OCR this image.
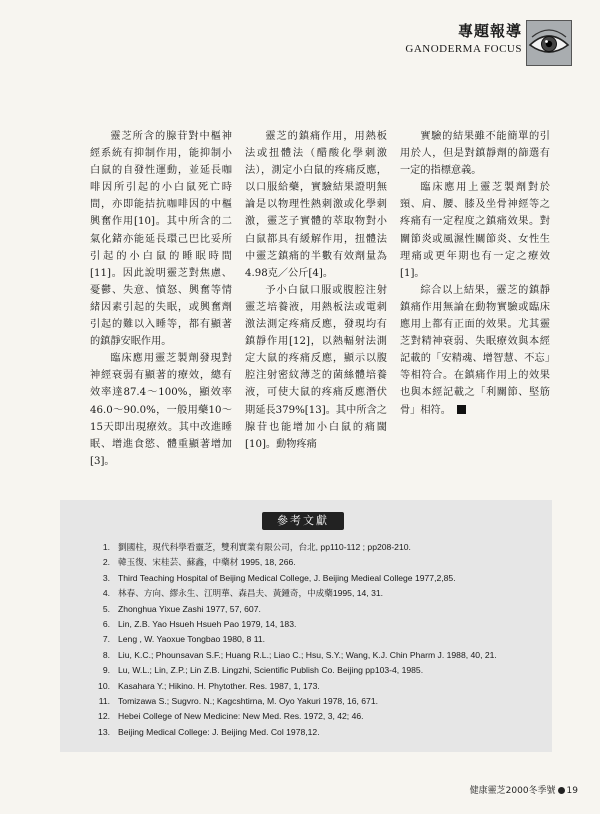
專題報導
GANODERMA FOCUS

靈芝所含的腺苷對中樞神經系統有抑制作用，能抑制小白鼠的自發性運動，並延長咖啡因所引起的小白鼠死亡時間，亦即能拮抗咖啡因的中樞興奮作用[10]。其中所含的二氣化鍺亦能延長環己巴比妥所引起的小白鼠的睡眠時間[11]。因此說明靈芝對焦慮、憂鬱、失意、憤怒、興奮等情緒因素引起的失眠，或興奮劑引起的難以入睡等，都有顯著的鎮靜安眠作用。

臨床應用靈芝製劑發現對神經衰弱有顯著的療效，總有效率達87.4～100%，顯效率46.0～90.0%，一般用藥10～15天即出現療效。其中改進睡眠、增進食慾、體重顯著增加[3]。

靈芝的鎮痛作用，用熱板法或扭體法（醋酸化學刺激法），測定小白鼠的疼痛反應，以口服給藥，實驗結果證明無論是以物理性熱刺激或化學刺激，靈芝子實體的萃取物對小白鼠都具有緩解作用，扭體法中靈芝鎮痛的半數有效劑量為4.98克／公斤[4]。

予小白鼠口服或腹腔注射靈芝培養液，用熱板法或電刺激法測定疼痛反應，發現均有鎮靜作用[12]，以熱輻射法測定大鼠的疼痛反應，顯示以腹腔注射密紋薄芝的菌絲體培養液，可使大鼠的疼痛反應潛伏期延長379%[13]。其中所含之腺苷也能增加小白鼠的痛閾[10]。動物疼痛

實驗的結果雖不能簡單的引用於人，但是對鎮靜劑的篩選有一定的指標意義。

臨床應用上靈芝製劑對於頸、肩、腰、膝及坐骨神經等之疼痛有一定程度之鎮痛效果。對關節炎或風濕性關節炎、女性生理痛或更年期也有一定之療效[1]。

綜合以上結果，靈芝的鎮靜鎮痛作用無論在動物實驗或臨床應用上都有正面的效果。尤其靈芝對精神衰弱、失眠療效與本經記載的「安精魂、增智慧、不忘」等相符合。在鎮痛作用上的效果也與本經記載之「利關節、堅筋骨」相符。

參考文獻
1. 劉國柱，現代科學看靈芝，雙利實業有限公司，台北, pp110-112 ; pp208-210.
2. 韓玉復、宋桂芸、蘇鑫，中藥材 1995, 18, 266.
3. Third Teaching Hospital of Beijing Medical College, J. Beijing Medieal College 1977,2,85.
4. 林春、方向、繆永生、江明華、森昌夫、黃鍾奇，中成藥1995, 14, 31.
5. Zhonghua Yixue Zashi 1977, 57, 607.
6. Lin, Z.B. Yao Hsueh Hsueh Pao 1979, 14, 183.
7. Leng , W. Yaoxue Tongbao 1980, 8 11.
8. Liu, K.C.; Phounsavan S.F.; Huang R.L.; Liao C.; Hsu, S.Y.; Wang, K.J. Chin Pharm J. 1988, 40, 21.
9. Lu, W.L.; Lin, Z.P.; Lin Z.B. Lingzhi, Scientific Publish Co. Beijing pp103-4, 1985.
10. Kasahara Y.; Hikino. H. Phytother. Res. 1987, 1, 173.
11. Tomizawa S.; Sugvro. N.; Kagcshtirna, M. Oyo Yakuri 1978, 16, 671.
12. Hebei College of New Medicine: New Med. Res. 1972, 3, 42; 46.
13. Beijing Medical College: J. Beijing Med. Col 1978,12.
健康靈芝2000冬季號 19
